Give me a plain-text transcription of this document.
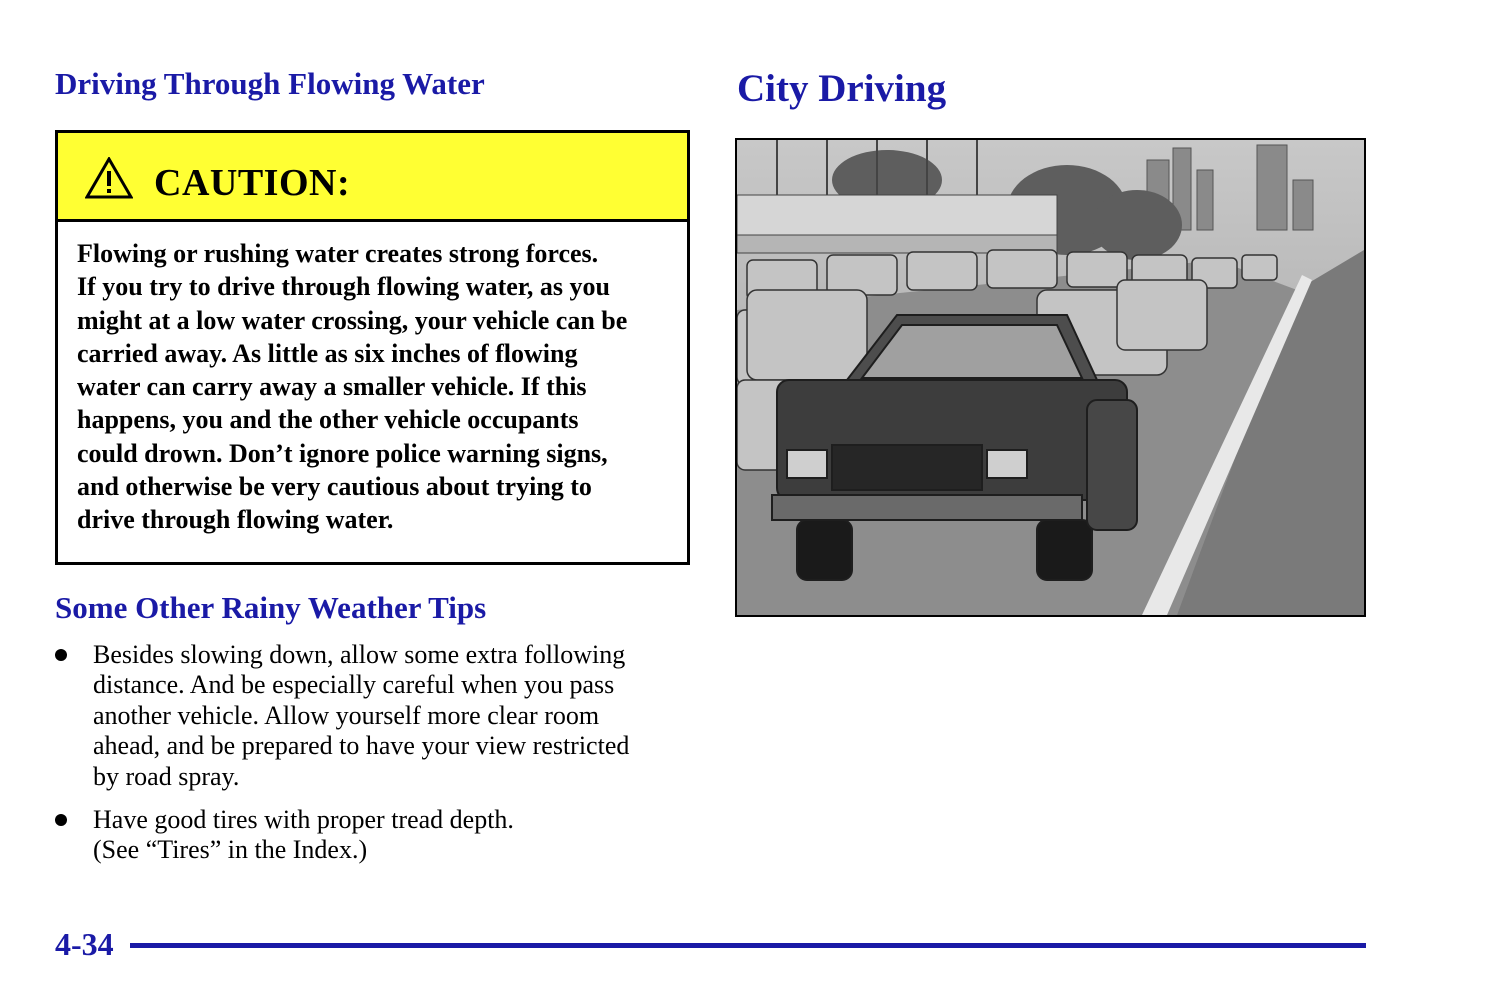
Driving Through Flowing Water
CAUTION:

Flowing or rushing water creates strong forces.
If you try to drive through flowing water, as you
might at a low water crossing, your vehicle can be
carried away. As little as six inches of flowing
water can carry away a smaller vehicle. If this
happens, you and the other vehicle occupants
could drown. Don’t ignore police warning signs,
and otherwise be very cautious about trying to
drive through flowing water.

Some Other Rainy Weather Tips
Besides slowing down, allow some extra following
distance. And be especially careful when you pass
another vehicle. Allow yourself more clear room
ahead, and be prepared to have your view restricted
by road spray.
Have good tires with proper tread depth.
(See “Tires” in the Index.)
City Driving
4-34
